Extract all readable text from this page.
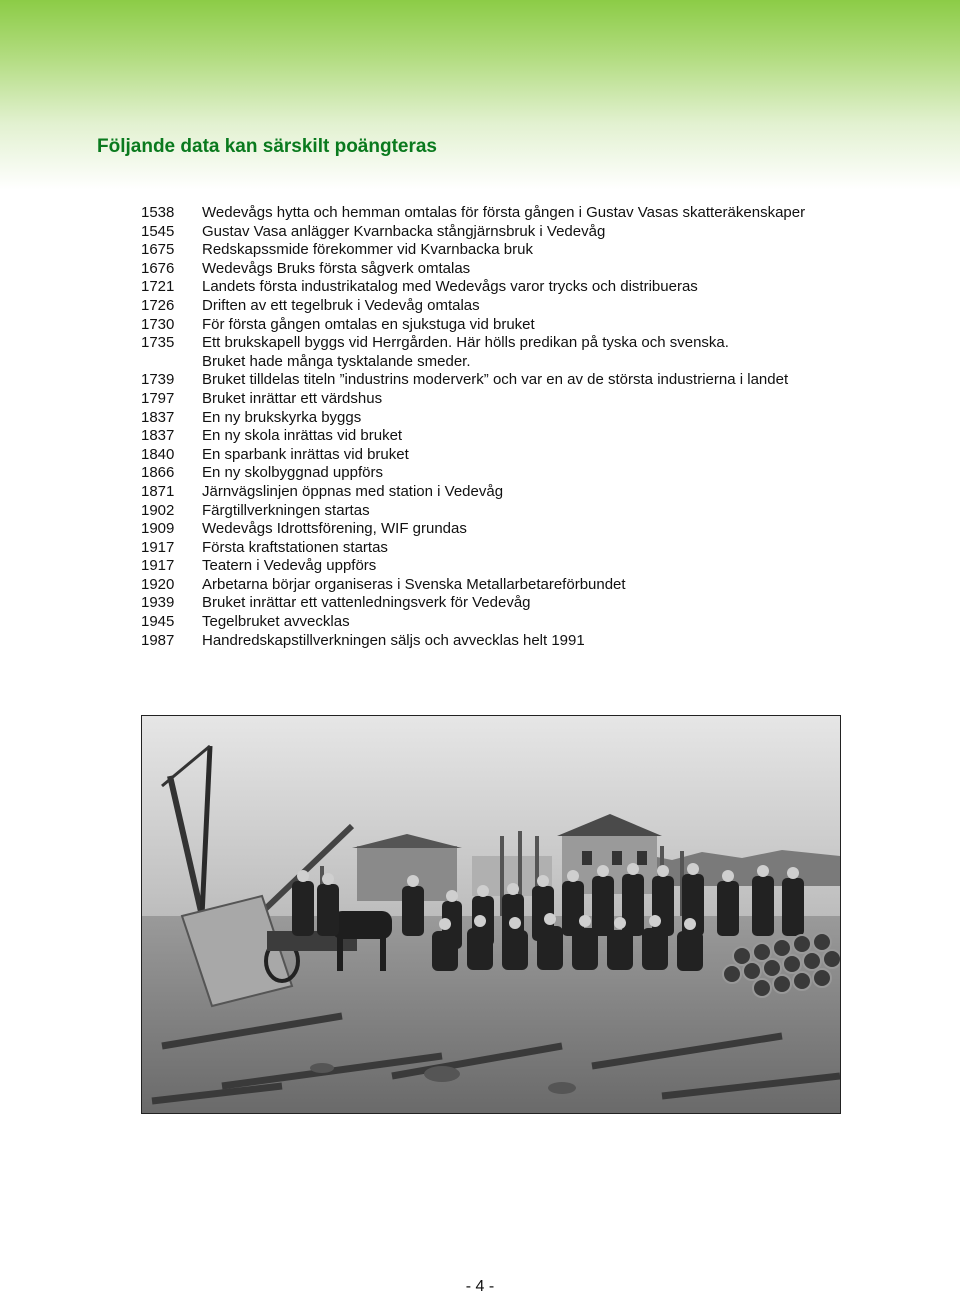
Följande data kan särskilt poängteras
1538	Wedevågs hytta och hemman omtalas för första gången i Gustav Vasas skatteräkenskaper
1545	Gustav Vasa anlägger Kvarnbacka stångjärnsbruk i Vedevåg
1675	Redskapssmide förekommer vid Kvarnbacka bruk
1676	Wedevågs Bruks första sågverk omtalas
1721	Landets första industrikatalog med Wedevågs varor trycks och distribueras
1726	Driften av ett tegelbruk i Vedevåg omtalas
1730	För första gången omtalas en sjukstuga vid bruket
1735	Ett brukskapell byggs vid Herrgården. Här hölls predikan på tyska och svenska.
Bruket hade många tysktalande smeder.
1739	Bruket tilldelas titeln ”industrins moderverk” och var en av de största industrierna i landet
1797	Bruket inrättar ett värdshus
1837	En ny brukskyrka byggs
1837	En ny skola inrättas vid bruket
1840	En sparbank inrättas vid bruket
1866	En ny skolbyggnad uppförs
1871	Järnvägslinjen öppnas med station i Vedevåg
1902	Färgtillverkningen startas
1909	Wedevågs Idrottsförening, WIF grundas
1917	Första kraftstationen startas
1917	Teatern i Vedevåg uppförs
1920	Arbetarna börjar organiseras i Svenska Metallarbetareförbundet
1939	Bruket inrättar ett vattenledningsverk för Vedevåg
1945	Tegelbruket avvecklas
1987	Handredskapstillverkningen säljs och avvecklas helt 1991
- 4 -
